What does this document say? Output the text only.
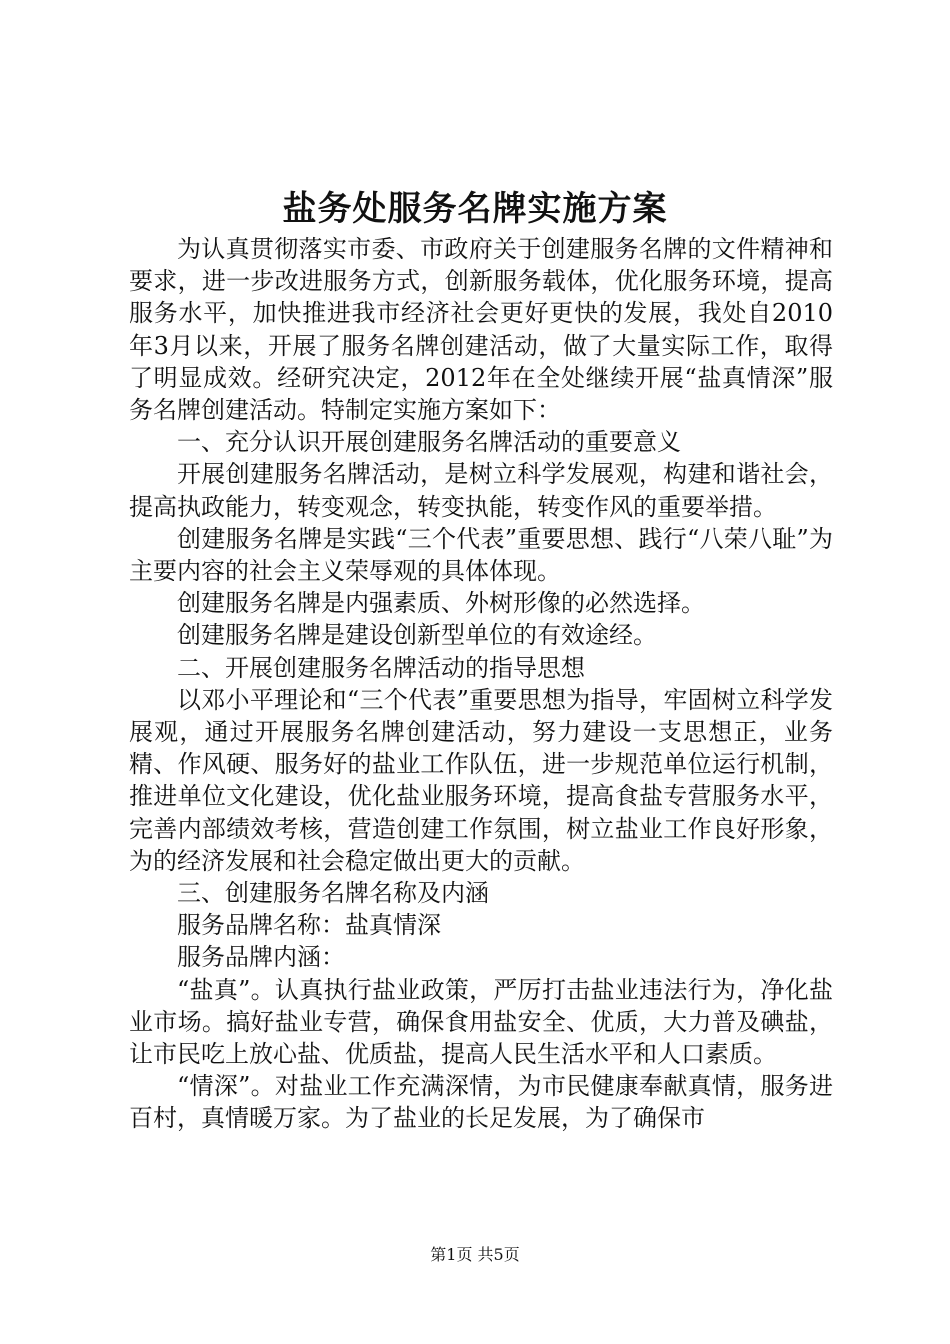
盐务处服务名牌实施方案

为认真贯彻落实市委、市政府关于创建服务名牌的文件精神和要求，进一步改进服务方式，创新服务载体，优化服务环境，提高服务水平，加快推进我市经济社会更好更快的发展，我处自2010年3月以来，开展了服务名牌创建活动，做了大量实际工作，取得了明显成效。经研究决定，2012年在全处继续开展“盐真情深”服务名牌创建活动。特制定实施方案如下：

一、充分认识开展创建服务名牌活动的重要意义

开展创建服务名牌活动，是树立科学发展观，构建和谐社会，提高执政能力，转变观念，转变执能，转变作风的重要举措。

创建服务名牌是实践“三个代表”重要思想、践行“八荣八耻”为主要内容的社会主义荣辱观的具体体现。

创建服务名牌是内强素质、外树形像的必然选择。

创建服务名牌是建设创新型单位的有效途经。

二、开展创建服务名牌活动的指导思想

以邓小平理论和“三个代表”重要思想为指导，牢固树立科学发展观，通过开展服务名牌创建活动，努力建设一支思想正，业务精、作风硬、服务好的盐业工作队伍，进一步规范单位运行机制，推进单位文化建设，优化盐业服务环境，提高食盐专营服务水平，完善内部绩效考核，营造创建工作氛围，树立盐业工作良好形象，为的经济发展和社会稳定做出更大的贡献。

三、创建服务名牌名称及内涵

服务品牌名称：盐真情深

服务品牌内涵：

“盐真”。认真执行盐业政策，严厉打击盐业违法行为，净化盐业市场。搞好盐业专营，确保食用盐安全、优质，大力普及碘盐，让市民吃上放心盐、优质盐，提高人民生活水平和人口素质。

“情深”。对盐业工作充满深情，为市民健康奉献真情，服务进百村，真情暖万家。为了盐业的长足发展，为了确保市

第1页 共5页
